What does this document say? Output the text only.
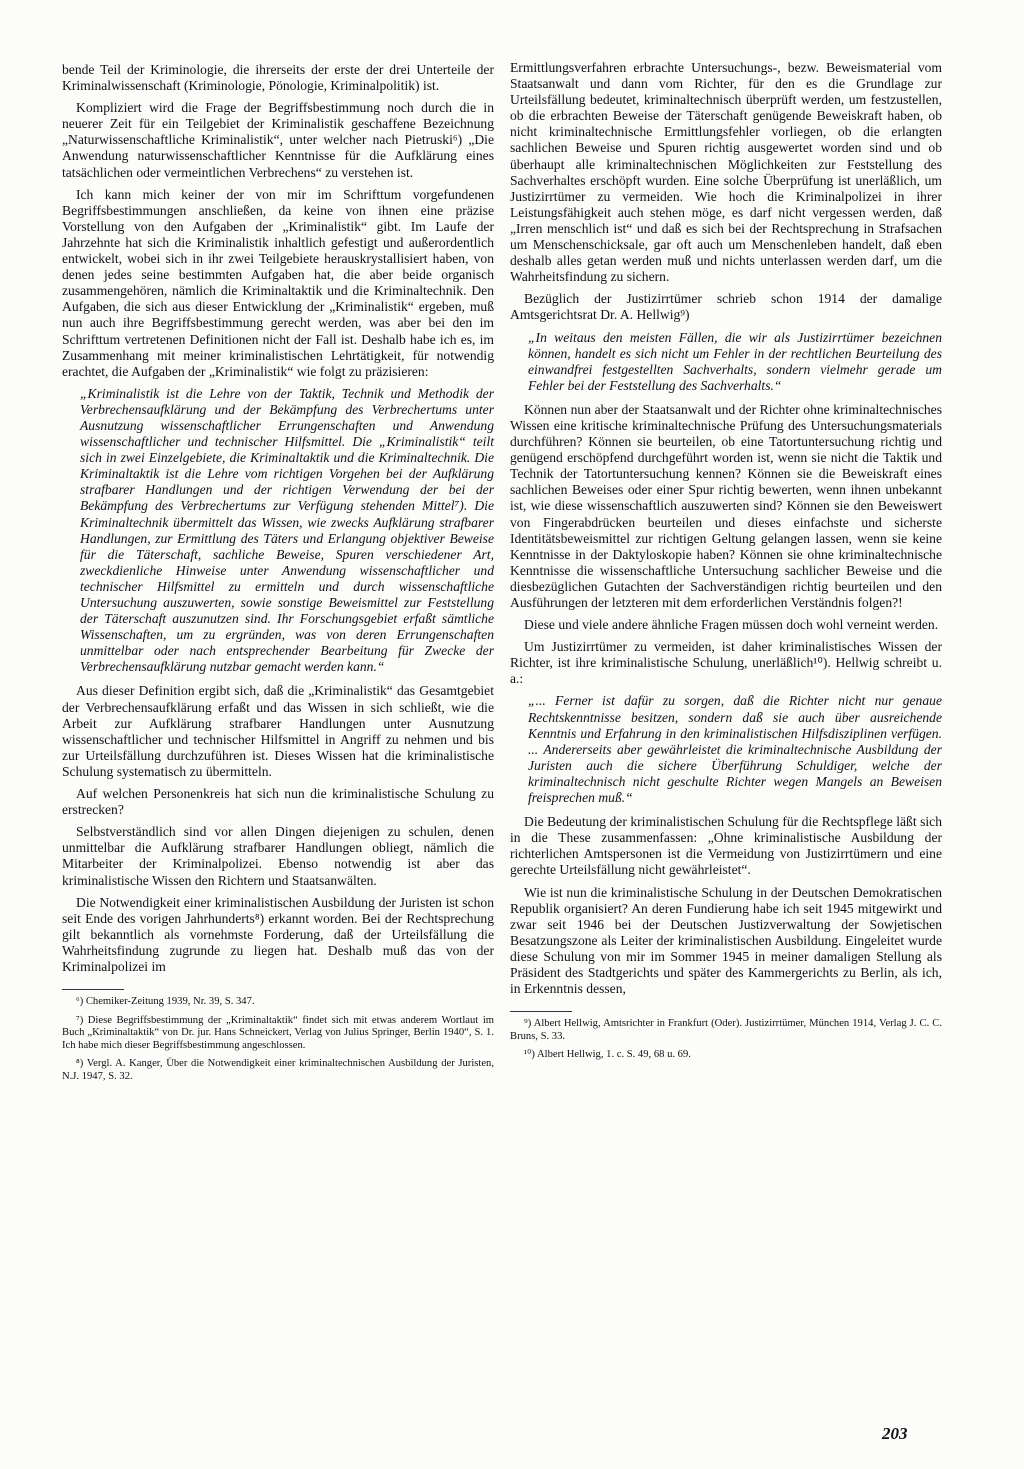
bende Teil der Kriminologie, die ihrerseits der erste der drei Unterteile der Kriminalwissenschaft (Kriminologie, Pönologie, Kriminalpolitik) ist.

Kompliziert wird die Frage der Begriffsbestimmung noch durch die in neuerer Zeit für ein Teilgebiet der Kriminalistik geschaffene Bezeichnung „Naturwissenschaftliche Kriminalistik“, unter welcher nach Pietruski⁶) „Die Anwendung naturwissenschaftlicher Kenntnisse für die Aufklärung eines tatsächlichen oder vermeintlichen Verbrechens“ zu verstehen ist.

Ich kann mich keiner der von mir im Schrifttum vorgefundenen Begriffsbestimmungen anschließen, da keine von ihnen eine präzise Vorstellung von den Aufgaben der „Kriminalistik“ gibt. Im Laufe der Jahrzehnte hat sich die Kriminalistik inhaltlich gefestigt und außerordentlich entwickelt, wobei sich in ihr zwei Teilgebiete herauskrystallisiert haben, von denen jedes seine bestimmten Aufgaben hat, die aber beide organisch zusammengehören, nämlich die Kriminaltaktik und die Kriminaltechnik. Den Aufgaben, die sich aus dieser Entwicklung der „Kriminalistik“ ergeben, muß nun auch ihre Begriffsbestimmung gerecht werden, was aber bei den im Schrifttum vertretenen Definitionen nicht der Fall ist. Deshalb habe ich es, im Zusammenhang mit meiner kriminalistischen Lehrtätigkeit, für notwendig erachtet, die Aufgaben der „Kriminalistik“ wie folgt zu präzisieren:

„Kriminalistik ist die Lehre von der Taktik, Technik und Methodik der Verbrechensaufklärung und der Bekämpfung des Verbrechertums unter Ausnutzung wissenschaftlicher Errungenschaften und Anwendung wissenschaftlicher und technischer Hilfsmittel. Die „Kriminalistik“ teilt sich in zwei Einzelgebiete, die Kriminaltaktik und die Kriminaltechnik. Die Kriminaltaktik ist die Lehre vom richtigen Vorgehen bei der Aufklärung strafbarer Handlungen und der richtigen Verwendung der bei der Bekämpfung des Verbrechertums zur Verfügung stehenden Mittel⁷). Die Kriminaltechnik übermittelt das Wissen, wie zwecks Aufklärung strafbarer Handlungen, zur Ermittlung des Täters und Erlangung objektiver Beweise für die Täterschaft, sachliche Beweise, Spuren verschiedener Art, zweckdienliche Hinweise unter Anwendung wissenschaftlicher und technischer Hilfsmittel zu ermitteln und durch wissenschaftliche Untersuchung auszuwerten, sowie sonstige Beweismittel zur Feststellung der Täterschaft auszunutzen sind. Ihr Forschungsgebiet erfaßt sämtliche Wissenschaften, um zu ergründen, was von deren Errungenschaften unmittelbar oder nach entsprechender Bearbeitung für Zwecke der Verbrechensaufklärung nutzbar gemacht werden kann.“

Aus dieser Definition ergibt sich, daß die „Kriminalistik“ das Gesamtgebiet der Verbrechensaufklärung erfaßt und das Wissen in sich schließt, wie die Arbeit zur Aufklärung strafbarer Handlungen unter Ausnutzung wissenschaftlicher und technischer Hilfsmittel in Angriff zu nehmen und bis zur Urteilsfällung durchzuführen ist. Dieses Wissen hat die kriminalistische Schulung systematisch zu übermitteln.

Auf welchen Personenkreis hat sich nun die kriminalistische Schulung zu erstrecken?

Selbstverständlich sind vor allen Dingen diejenigen zu schulen, denen unmittelbar die Aufklärung strafbarer Handlungen obliegt, nämlich die Mitarbeiter der Kriminalpolizei. Ebenso notwendig ist aber das kriminalistische Wissen den Richtern und Staatsanwälten.

Die Notwendigkeit einer kriminalistischen Ausbildung der Juristen ist schon seit Ende des vorigen Jahrhunderts⁸) erkannt worden. Bei der Rechtsprechung gilt bekanntlich als vornehmste Forderung, daß der Urteilsfällung die Wahrheitsfindung zugrunde zu liegen hat. Deshalb muß das von der Kriminalpolizei im

⁶) Chemiker-Zeitung 1939, Nr. 39, S. 347.

⁷) Diese Begriffsbestimmung der „Kriminaltaktik“ findet sich mit etwas anderem Wortlaut im Buch „Kriminaltaktik“ von Dr. jur. Hans Schneickert, Verlag von Julius Springer, Berlin 1940“, S. 1. Ich habe mich dieser Begriffsbestimmung angeschlossen.

⁸) Vergl. A. Kanger, Über die Notwendigkeit einer kriminaltechnischen Ausbildung der Juristen, N.J. 1947, S. 32.

Ermittlungsverfahren erbrachte Untersuchungs-, bezw. Beweismaterial vom Staatsanwalt und dann vom Richter, für den es die Grundlage zur Urteilsfällung bedeutet, kriminaltechnisch überprüft werden, um festzustellen, ob die erbrachten Beweise der Täterschaft genügende Beweiskraft haben, ob nicht kriminaltechnische Ermittlungsfehler vorliegen, ob die erlangten sachlichen Beweise und Spuren richtig ausgewertet worden sind und ob überhaupt alle kriminaltechnischen Möglichkeiten zur Feststellung des Sachverhaltes erschöpft wurden. Eine solche Überprüfung ist unerläßlich, um Justizirrtümer zu vermeiden. Wie hoch die Kriminalpolizei in ihrer Leistungsfähigkeit auch stehen möge, es darf nicht vergessen werden, daß „Irren menschlich ist“ und daß es sich bei der Rechtsprechung in Strafsachen um Menschenschicksale, gar oft auch um Menschenleben handelt, daß eben deshalb alles getan werden muß und nichts unterlassen werden darf, um die Wahrheitsfindung zu sichern.

Bezüglich der Justizirrtümer schrieb schon 1914 der damalige Amtsgerichtsrat Dr. A. Hellwig⁹)

„In weitaus den meisten Fällen, die wir als Justizirrtümer bezeichnen können, handelt es sich nicht um Fehler in der rechtlichen Beurteilung des einwandfrei festgestellten Sachverhalts, sondern vielmehr gerade um Fehler bei der Feststellung des Sachverhalts.“

Können nun aber der Staatsanwalt und der Richter ohne kriminaltechnisches Wissen eine kritische kriminaltechnische Prüfung des Untersuchungsmaterials durchführen? Können sie beurteilen, ob eine Tatortuntersuchung richtig und genügend erschöpfend durchgeführt worden ist, wenn sie nicht die Taktik und Technik der Tatortuntersuchung kennen? Können sie die Beweiskraft eines sachlichen Beweises oder einer Spur richtig bewerten, wenn ihnen unbekannt ist, wie diese wissenschaftlich auszuwerten sind? Können sie den Beweiswert von Fingerabdrücken beurteilen und dieses einfachste und sicherste Identitätsbeweismittel zur richtigen Geltung gelangen lassen, wenn sie keine Kenntnisse in der Daktyloskopie haben? Können sie ohne kriminaltechnische Kenntnisse die wissenschaftliche Untersuchung sachlicher Beweise und die diesbezüglichen Gutachten der Sachverständigen richtig beurteilen und den Ausführungen der letzteren mit dem erforderlichen Verständnis folgen?!

Diese und viele andere ähnliche Fragen müssen doch wohl verneint werden.

Um Justizirrtümer zu vermeiden, ist daher kriminalistisches Wissen der Richter, ist ihre kriminalistische Schulung, unerläßlich¹⁰). Hellwig schreibt u. a.:

„... Ferner ist dafür zu sorgen, daß die Richter nicht nur genaue Rechtskenntnisse besitzen, sondern daß sie auch über ausreichende Kenntnis und Erfahrung in den kriminalistischen Hilfsdisziplinen verfügen. ... Andererseits aber gewährleistet die kriminaltechnische Ausbildung der Juristen auch die sichere Überführung Schuldiger, welche der kriminaltechnisch nicht geschulte Richter wegen Mangels an Beweisen freisprechen muß.“

Die Bedeutung der kriminalistischen Schulung für die Rechtspflege läßt sich in die These zusammenfassen: „Ohne kriminalistische Ausbildung der richterlichen Amtspersonen ist die Vermeidung von Justizirrtümern und eine gerechte Urteilsfällung nicht gewährleistet“.

Wie ist nun die kriminalistische Schulung in der Deutschen Demokratischen Republik organisiert? An deren Fundierung habe ich seit 1945 mitgewirkt und zwar seit 1946 bei der Deutschen Justizverwaltung der Sowjetischen Besatzungszone als Leiter der kriminalistischen Ausbildung. Eingeleitet wurde diese Schulung von mir im Sommer 1945 in meiner damaligen Stellung als Präsident des Stadtgerichts und später des Kammergerichts zu Berlin, als ich, in Erkenntnis dessen,

⁹) Albert Hellwig, Amtsrichter in Frankfurt (Oder). Justizirrtümer, München 1914, Verlag J. C. C. Bruns, S. 33.

¹⁰) Albert Hellwig, 1. c. S. 49, 68 u. 69.

203
